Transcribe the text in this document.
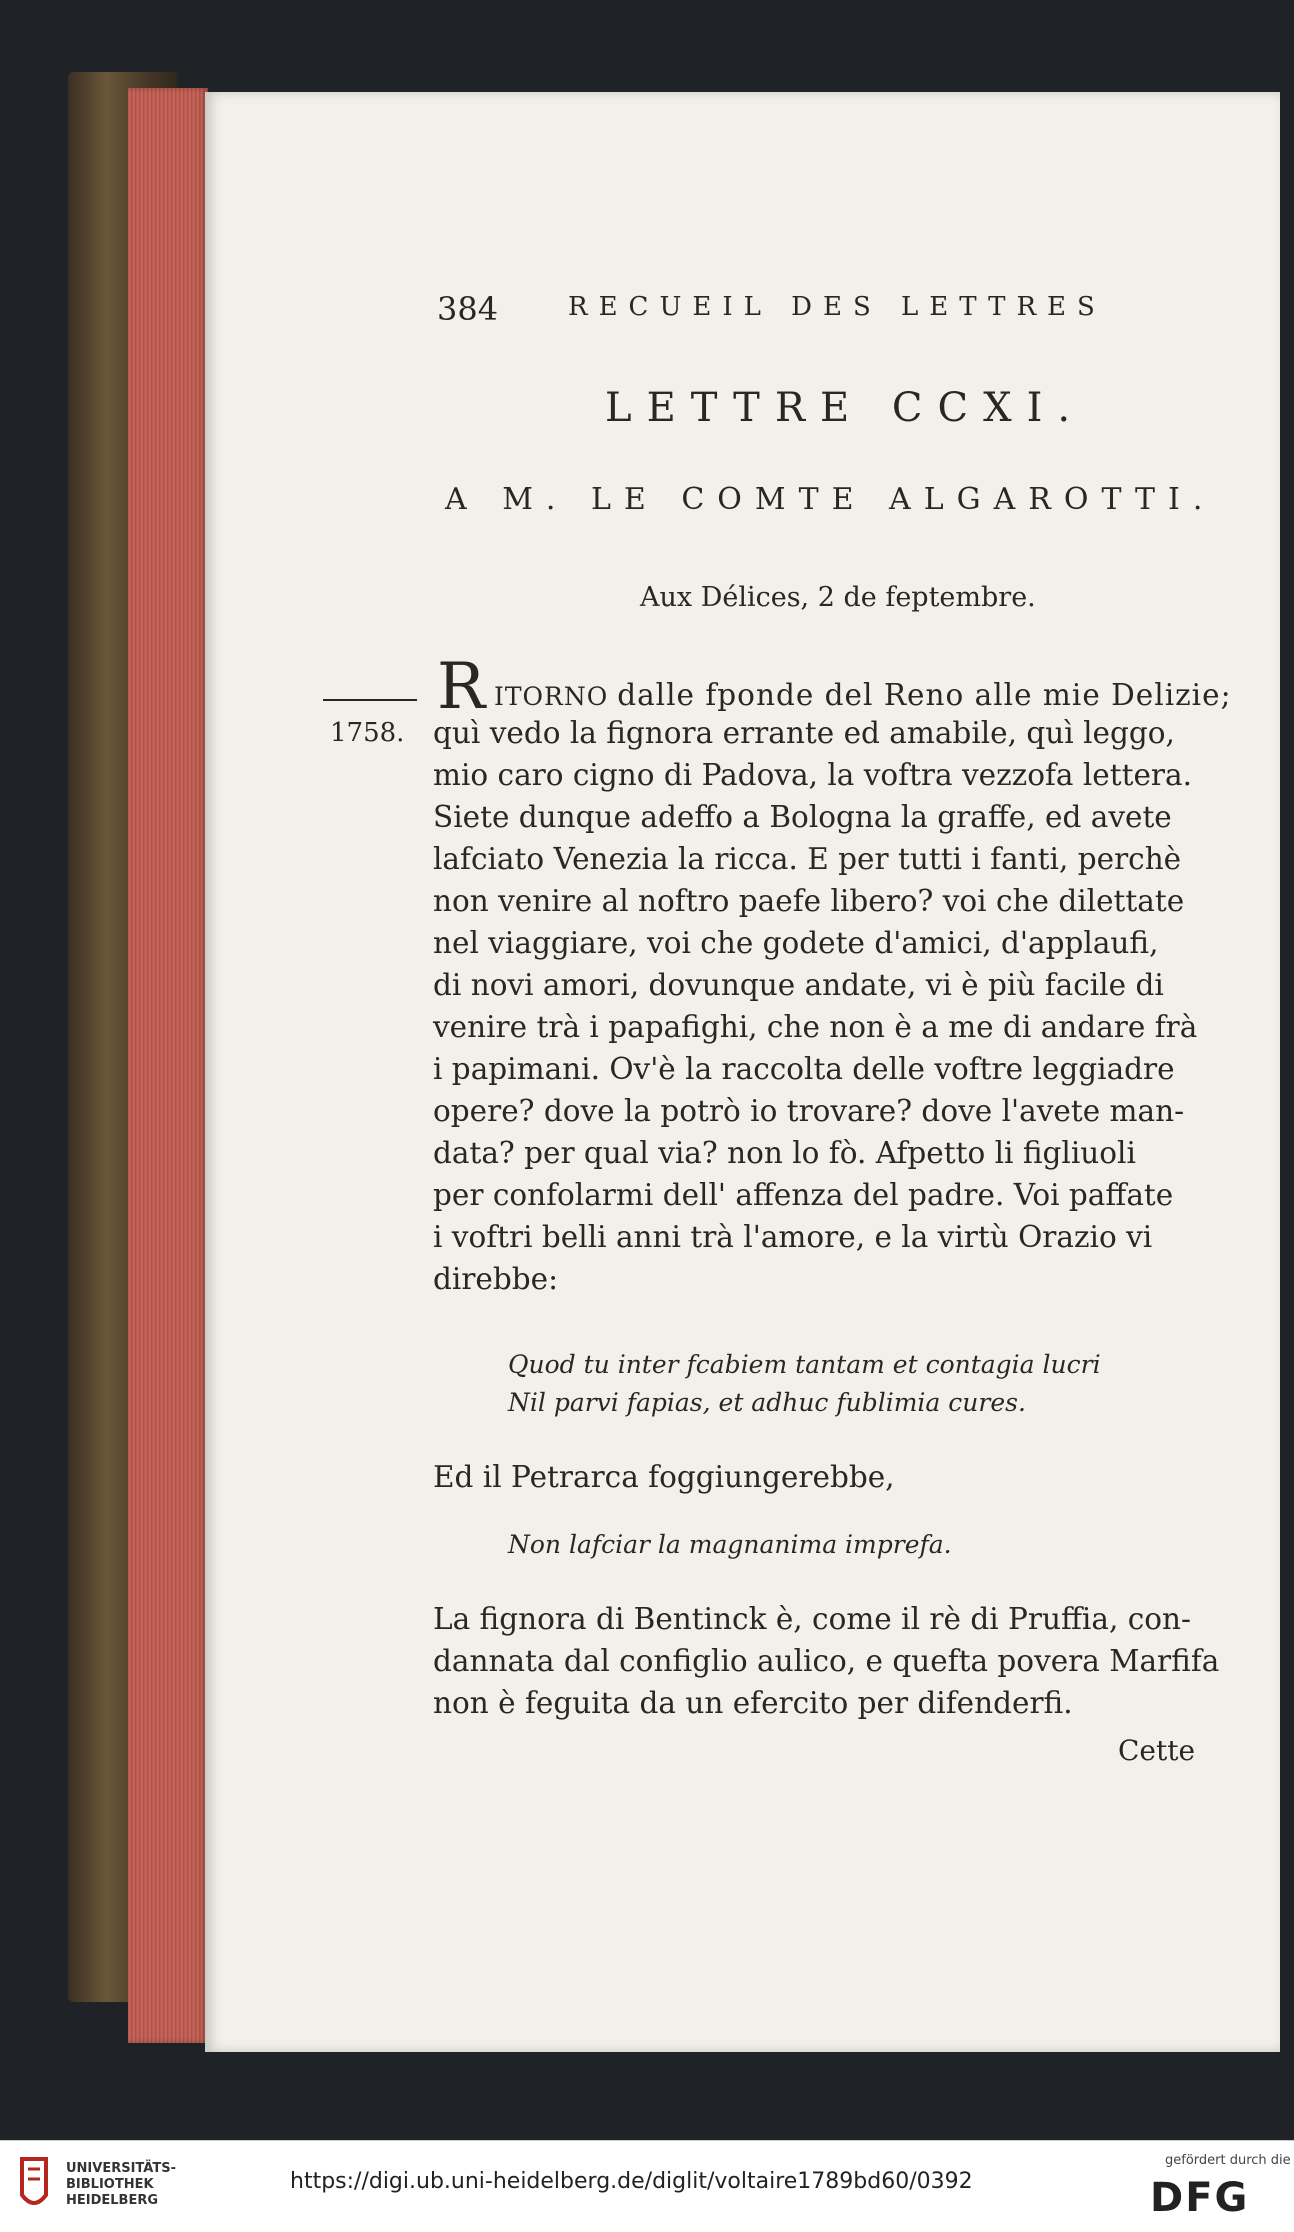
384	RECUEIL DES LETTRES
LETTRE CCXI.
A M. LE COMTE ALGAROTTI.
Aux Délices, 2 de feptembre.
1758.
R ITORNO dalle fponde del Reno alle mie Delizie;
quì vedo la fignora errante ed amabile, quì leggo,
mio caro cigno di Padova, la voftra vezzofa lettera.
Siete dunque adeffo a Bologna la graffe, ed avete
lafciato Venezia la ricca. E per tutti i fanti, perchè
non venire al noftro paefe libero? voi che dilettate
nel viaggiare, voi che godete d'amici, d'applaufi,
di novi amori, dovunque andate, vi è più facile di
venire trà i papafighi, che non è a me di andare frà
i papimani. Ov'è la raccolta delle voftre leggiadre
opere? dove la potrò io trovare? dove l'avete man-
data? per qual via? non lo fò. Afpetto li figliuoli
per confolarmi dell' affenza del padre. Voi paffate
i voftri belli anni trà l'amore, e la virtù Orazio vi
direbbe:
Quod tu inter fcabiem tantam et contagia lucri
Nil parvi fapias, et adhuc fublimia cures.
Ed il Petrarca foggiungerebbe,
Non lafciar la magnanima imprefa.
La fignora di Bentinck è, come il rè di Pruffia, con-
dannata dal configlio aulico, e quefta povera Marfifa
non è feguita da un efercito per difenderfi.
Cette
UNIVERSITÄTS-
BIBLIOTHEK
HEIDELBERG
https://digi.ub.uni-heidelberg.de/diglit/voltaire1789bd60/0392
gefördert durch die
DFG
